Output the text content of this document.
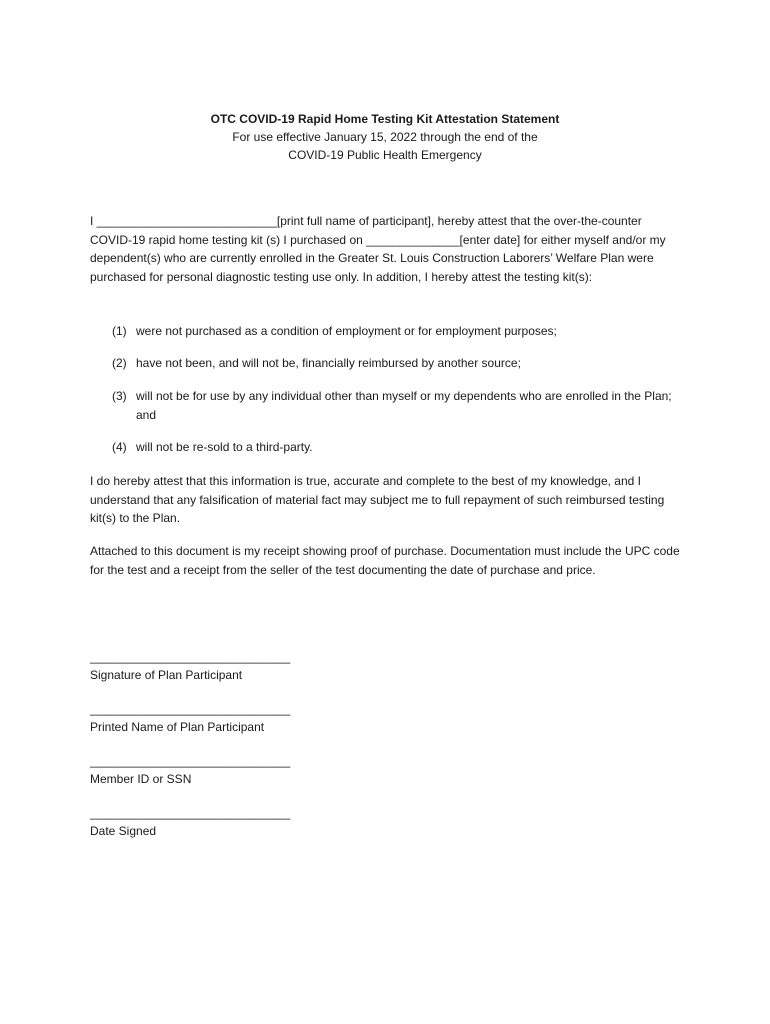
OTC COVID-19 Rapid Home Testing Kit Attestation Statement
For use effective January 15, 2022 through the end of the
COVID-19 Public Health Emergency
I ___________________________[print full name of participant], hereby attest that the over-the-counter COVID-19 rapid home testing kit (s) I purchased on ______________[enter date] for either myself and/or my dependent(s) who are currently enrolled in the Greater St. Louis Construction Laborers’ Welfare Plan were purchased for personal diagnostic testing use only. In addition, I hereby attest the testing kit(s):
(1) were not purchased as a condition of employment or for employment purposes;
(2) have not been, and will not be, financially reimbursed by another source;
(3) will not be for use by any individual other than myself or my dependents who are enrolled in the Plan; and
(4) will not be re-sold to a third-party.
I do hereby attest that this information is true, accurate and complete to the best of my knowledge, and I understand that any falsification of material fact may subject me to full repayment of such reimbursed testing kit(s) to the Plan.
Attached to this document is my receipt showing proof of purchase. Documentation must include the UPC code for the test and a receipt from the seller of the test documenting the date of purchase and price.
______________________________
Signature of Plan Participant
______________________________
Printed Name of Plan Participant
______________________________
Member ID or SSN
______________________________
Date Signed
